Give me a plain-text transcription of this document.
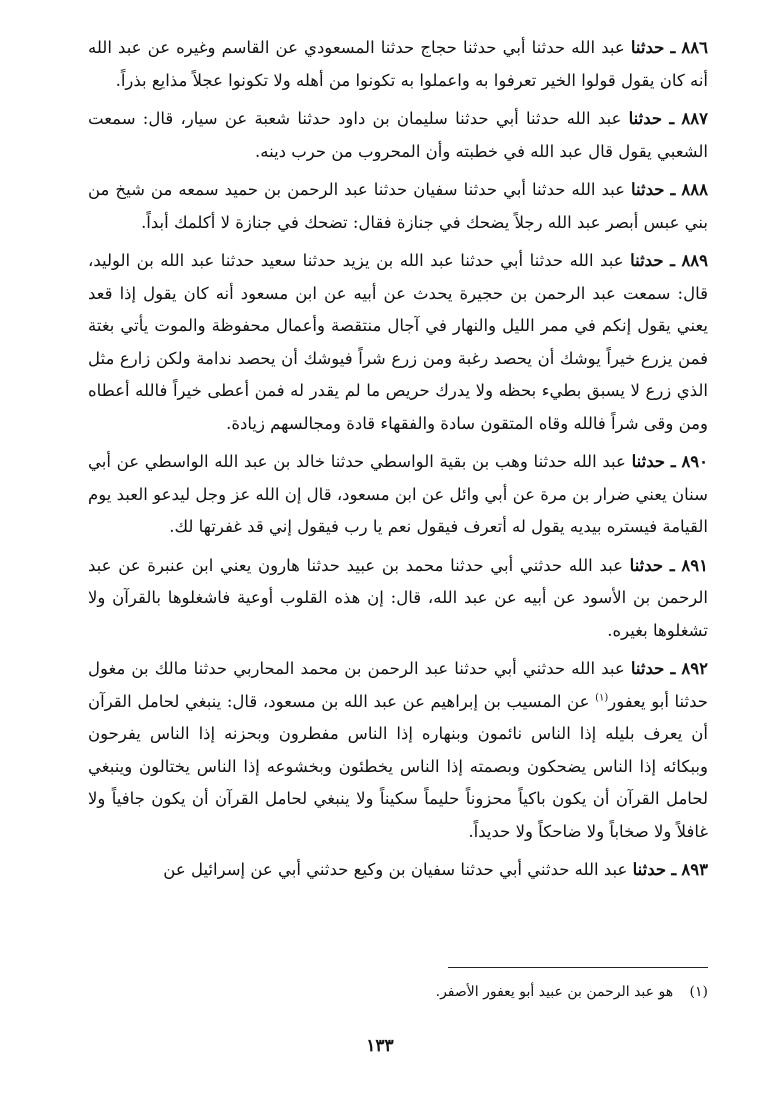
٨٨٦ ـ حدثنا عبد الله حدثنا أبي حدثنا حجاج حدثنا المسعودي عن القاسم وغيره عن عبد الله أنه كان يقول قولوا الخير تعرفوا به واعملوا به تكونوا من أهله ولا تكونوا عجلاً مذايع بذراً.

٨٨٧ ـ حدثنا عبد الله حدثنا أبي حدثنا سليمان بن داود حدثنا شعبة عن سيار، قال: سمعت الشعبي يقول قال عبد الله في خطبته وأن المحروب من حرب دينه.

٨٨٨ ـ حدثنا عبد الله حدثنا أبي حدثنا سفيان حدثنا عبد الرحمن بن حميد سمعه من شيخ من بني عبس أبصر عبد الله رجلاً يضحك في جنازة فقال: تضحك في جنازة لا أكلمك أبداً.

٨٨٩ ـ حدثنا عبد الله حدثنا أبي حدثنا عبد الله بن يزيد حدثنا سعيد حدثنا عبد الله بن الوليد، قال: سمعت عبد الرحمن بن حجيرة يحدث عن أبيه عن ابن مسعود أنه كان يقول إذا قعد يعني يقول إنكم في ممر الليل والنهار في آجال منتقصة وأعمال محفوظة والموت يأتي بغتة فمن يزرع خيراً يوشك أن يحصد رغبة ومن زرع شراً فيوشك أن يحصد ندامة ولكن زارع مثل الذي زرع لا يسبق بطيء بحظه ولا يدرك حريص ما لم يقدر له فمن أعطى خيراً فالله أعطاه ومن وقى شراً فالله وقاه المتقون سادة والفقهاء قادة ومجالسهم زيادة.

٨٩٠ ـ حدثنا عبد الله حدثنا وهب بن بقية الواسطي حدثنا خالد بن عبد الله الواسطي عن أبي سنان يعني ضرار بن مرة عن أبي وائل عن ابن مسعود، قال إن الله عز وجل ليدعو العبد يوم القيامة فيستره بيديه يقول له أتعرف فيقول نعم يا رب فيقول إني قد غفرتها لك.

٨٩١ ـ حدثنا عبد الله حدثني أبي حدثنا محمد بن عبيد حدثنا هارون يعني ابن عنبرة عن عبد الرحمن بن الأسود عن أبيه عن عبد الله، قال: إن هذه القلوب أوعية فاشغلوها بالقرآن ولا تشغلوها بغيره.

٨٩٢ ـ حدثنا عبد الله حدثني أبي حدثنا عبد الرحمن بن محمد المحاربي حدثنا مالك بن مغول حدثنا أبو يعفور$^{(١)}$ عن المسيب بن إبراهيم عن عبد الله بن مسعود، قال: ينبغي لحامل القرآن أن يعرف بليله إذا الناس نائمون وبنهاره إذا الناس مفطرون وبحزنه إذا الناس يفرحون وببكائه إذا الناس يضحكون وبصمته إذا الناس يخطئون وبخشوعه إذا الناس يختالون وينبغي لحامل القرآن أن يكون باكياً محزوناً حليماً سكيناً ولا ينبغي لحامل القرآن أن يكون جافياً ولا غافلاً ولا صخاباً ولا ضاحكاً ولا حديداً.

٨٩٣ ـ حدثنا عبد الله حدثني أبي حدثنا سفيان بن وكيع حدثني أبي عن إسرائيل عن

(١) هو عبد الرحمن بن عبيد أبو يعفور الأصفر.
١٣٣
